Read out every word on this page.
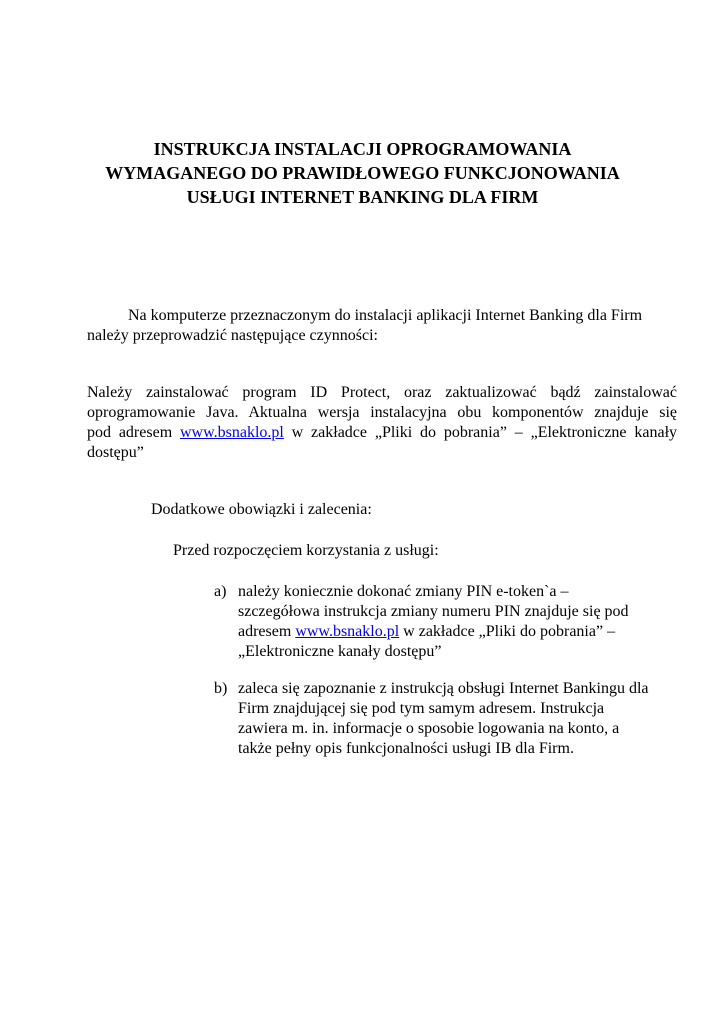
INSTRUKCJA INSTALACJI OPROGRAMOWANIA
WYMAGANEGO DO PRAWIDŁOWEGO FUNKCJONOWANIA
USŁUGI INTERNET BANKING DLA FIRM

Na komputerze przeznaczonym do instalacji aplikacji Internet Banking dla Firm
należy przeprowadzić następujące czynności:

Należy zainstalować program ID Protect, oraz zaktualizować bądź zainstalować
oprogramowanie Java. Aktualna wersja instalacyjna obu komponentów znajduje się
pod adresem www.bsnaklo.pl w zakładce „Pliki do pobrania” – „Elektroniczne kanały
dostępu”

Dodatkowe obowiązki i zalecenia:

Przed rozpoczęciem korzystania z usługi:

a) należy koniecznie dokonać zmiany PIN e-token`a –
szczegółowa instrukcja zmiany numeru PIN znajduje się pod
adresem www.bsnaklo.pl w zakładce „Pliki do pobrania” –
„Elektroniczne kanały dostępu”
b) zaleca się zapoznanie z instrukcją obsługi Internet Bankingu dla
Firm znajdującej się pod tym samym adresem. Instrukcja
zawiera m. in. informacje o sposobie logowania na konto, a
także pełny opis funkcjonalności usługi IB dla Firm.
